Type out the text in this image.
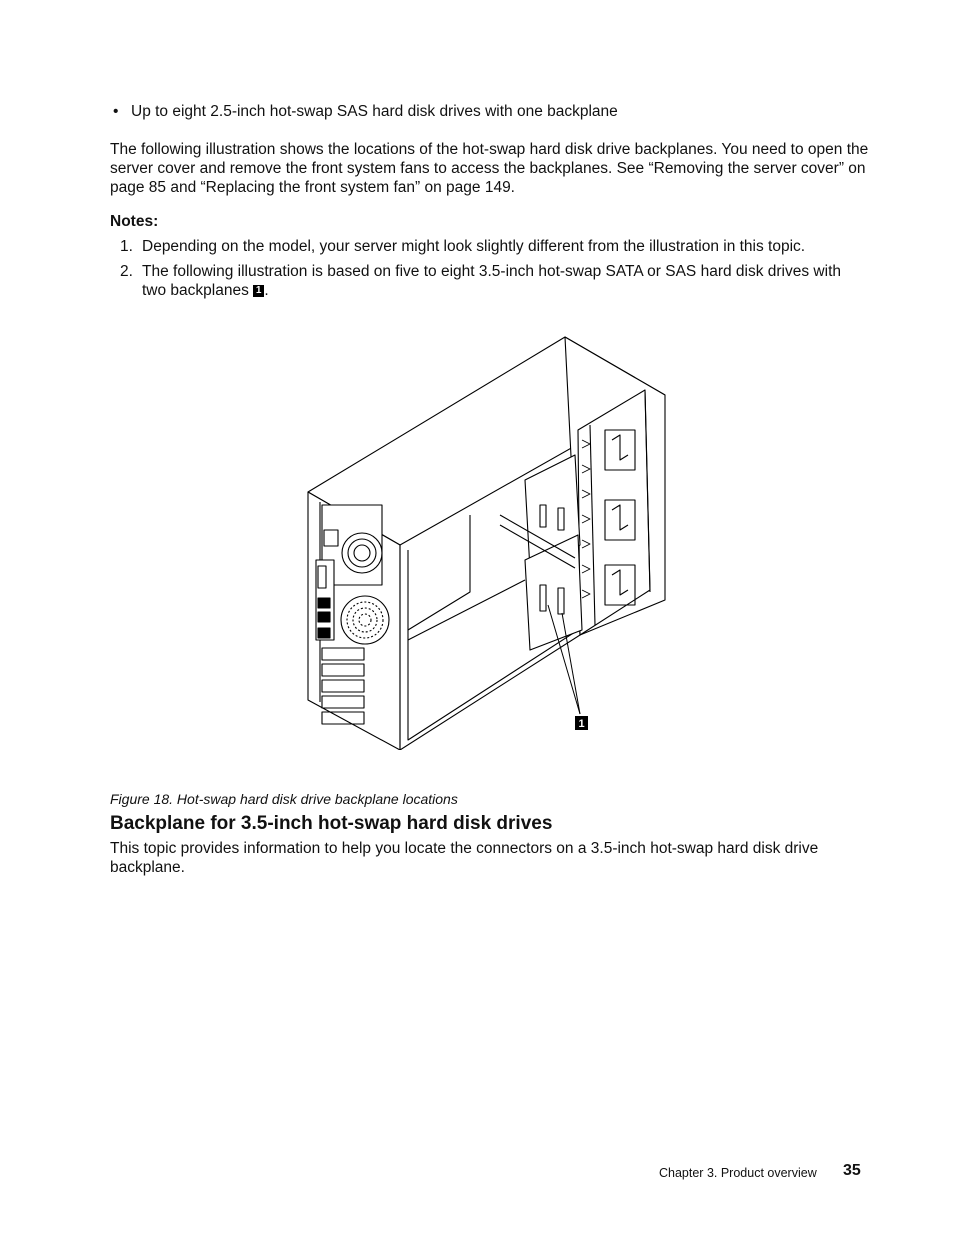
• Up to eight 2.5-inch hot-swap SAS hard disk drives with one backplane

The following illustration shows the locations of the hot-swap hard disk drive backplanes. You need to open the server cover and remove the front system fans to access the backplanes. See “Removing the server cover” on page 85 and “Replacing the front system fan” on page 149.

Notes:

1. Depending on the model, your server might look slightly different from the illustration in this topic.
2. The following illustration is based on five to eight 3.5-inch hot-swap SATA or SAS hard disk drives with two backplanes 1 .
1

Figure 18. Hot-swap hard disk drive backplane locations

Backplane for 3.5-inch hot-swap hard disk drives

This topic provides information to help you locate the connectors on a 3.5-inch hot-swap hard disk drive backplane.

Chapter 3. Product overview 35
